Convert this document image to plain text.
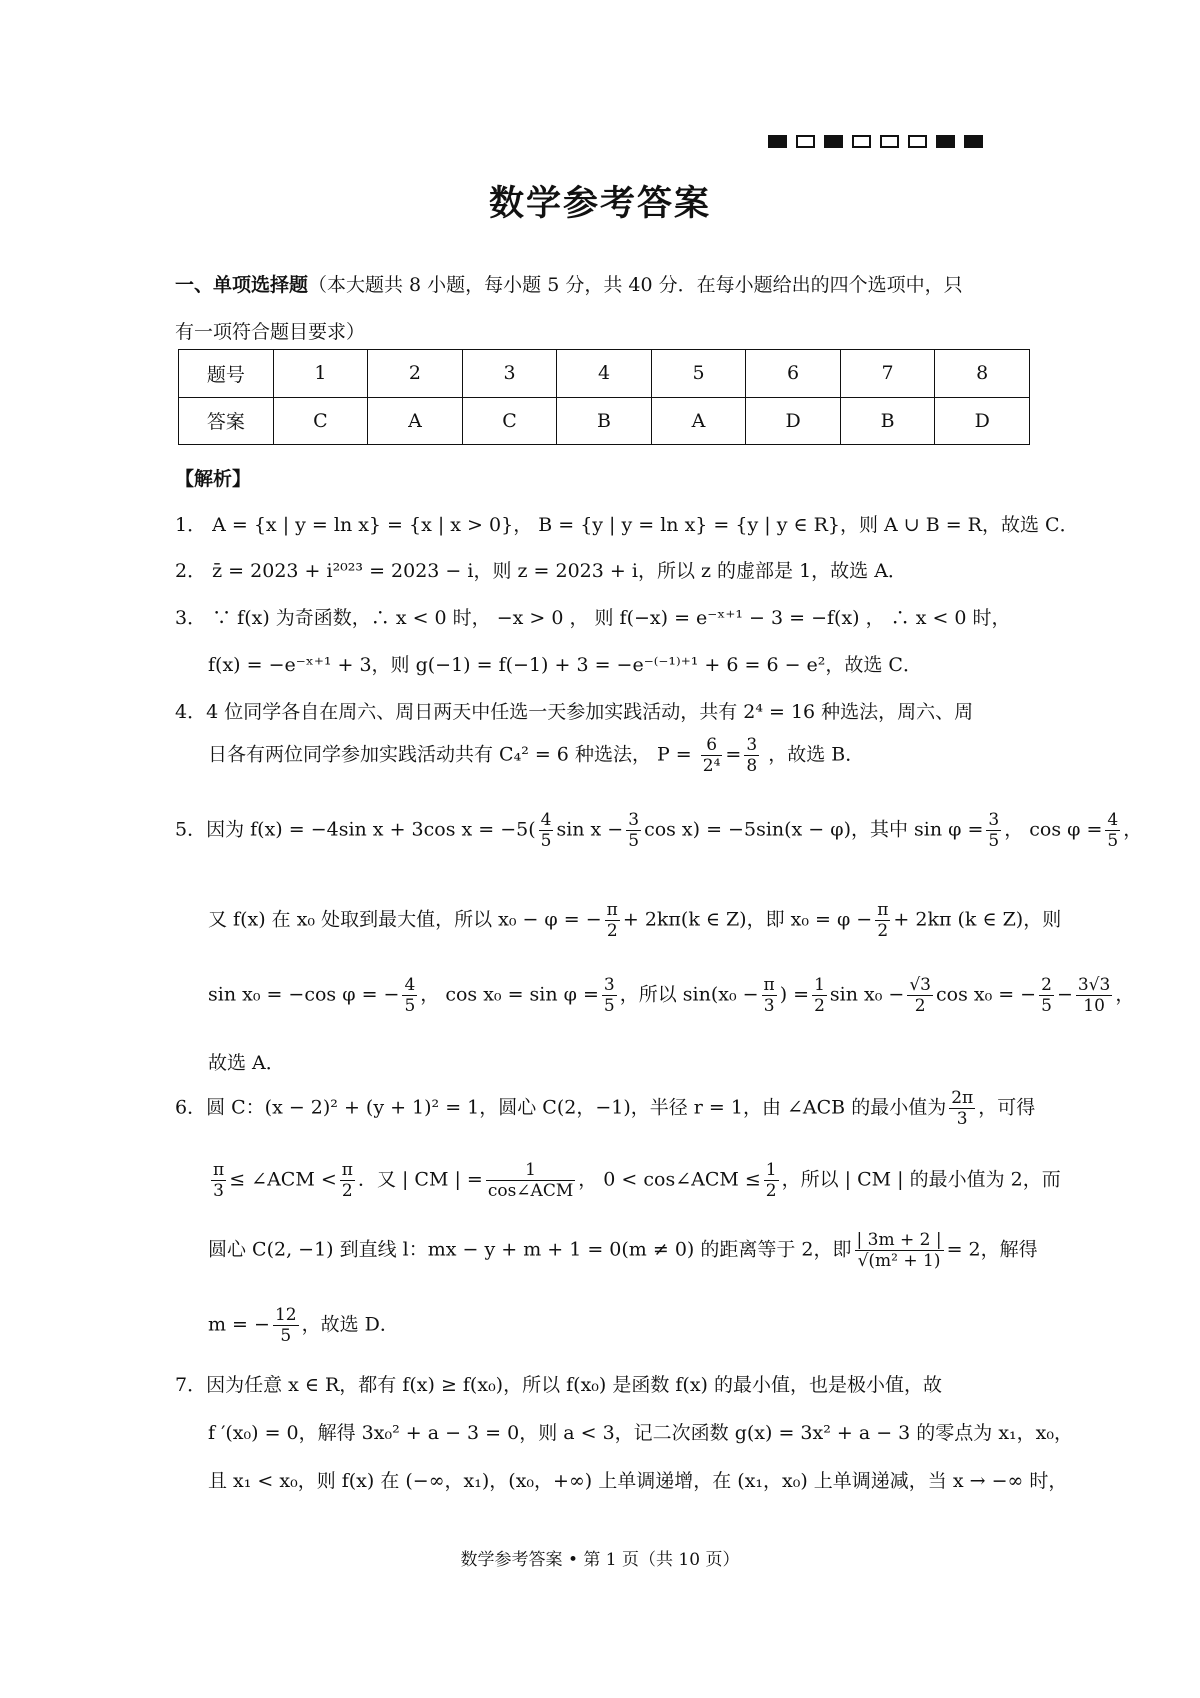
数学参考答案
一、单项选择题（本大题共 8 小题，每小题 5 分，共 40 分．在每小题给出的四个选项中，只
有一项符合题目要求）
题号	1	2	3	4	5	6	7	8
答案	C	A	C	B	A	D	B	D
【解析】
1． A = {x | y = ln x} = {x | x > 0}， B = {y | y = ln x} = {y | y ∈ R}，则 A ∪ B = R，故选 C．
2． z̄ = 2023 + i²⁰²³ = 2023 − i，则 z = 2023 + i，所以 z 的虚部是 1，故选 A．
3． ∵ f(x) 为奇函数，∴ x < 0 时， −x > 0 ， 则 f(−x) = e⁻ˣ⁺¹ − 3 = −f(x) ， ∴ x < 0 时，
f(x) = −e⁻ˣ⁺¹ + 3，则 g(−1) = f(−1) + 3 = −e⁻⁽⁻¹⁾⁺¹ + 6 = 6 − e²，故选 C．
4．4 位同学各自在周六、周日两天中任选一天参加实践活动，共有 2⁴ = 16 种选法，周六、周
日各有两位同学参加实践活动共有 C₄² = 6 种选法， $P = \frac{6}{\text{2⁴}} = \frac{3}{8}$ ，故选 B．
5．因为 f(x) = −4sin x + 3cos $x = -5( \frac{4}{5}$ $\sin x - \frac{3}{5}$ cos x) = −5sin(x − φ)，其中 $\sin \varphi = \frac{3}{5}$ ， $\cos \varphi = \frac{4}{5}$ ，
又 f(x) 在 x₀ 处取到最大值，所以 x₀ − φ = − $\frac{\pi}{2} + 2k\pi(k$ ∈ Z)，即 $x_0 = \varphi - \frac{\pi}{2} + 2k\pi$ (k ∈ Z)，则
sin x₀ = −cos φ = − $\frac{4}{5}$ ， $\cos x_0 = \sin \varphi = \frac{3}{5}$ ，所以 $\sin(x_0 - \frac{\pi}{3}$ ) = $\frac{1}{2}$ $\sin x_0 - \frac{√3}{2}$ cos x₀ = − $\frac{2}{5} - \frac{3√3}{10}$ ，
故选 A．
6．圆 C：(x − 2)² + (y + 1)² = 1，圆心 C(2，−1)，半径 r = 1，由 ∠ACB 的最小值为 $\frac{2\pi}{3}$ ，可得
$\frac{\pi}{3}$ ≤ ∠ACM < $\frac{\pi}{2}$ ．又 | CM | = $\frac{1}{\text{cos∠ACM}}$ ， 0 < cos∠ACM ≤ $\frac{1}{2}$ ，所以 | CM | 的最小值为 2，而
圆心 C(2, −1) 到直线 l：mx − y + m + 1 = 0(m ≠ 0) 的距离等于 2，即 $\frac{| 3m + 2 |}{\text{√(m² + 1)}} = 2$，解得
m = − $\frac{12}{5}$ ，故选 D．
7．因为任意 x ∈ R，都有 f(x) ≥ f(x₀)，所以 f(x₀) 是函数 f(x) 的最小值，也是极小值，故
f ′(x₀) = 0，解得 3x₀² + a − 3 = 0，则 a < 3，记二次函数 g(x) = 3x² + a − 3 的零点为 x₁，x₀，
且 x₁ < x₀，则 f(x) 在 (−∞，x₁)，(x₀，+∞) 上单调递增，在 (x₁，x₀) 上单调递减，当 x → −∞ 时，
数学参考答案 • 第 1 页（共 10 页）
